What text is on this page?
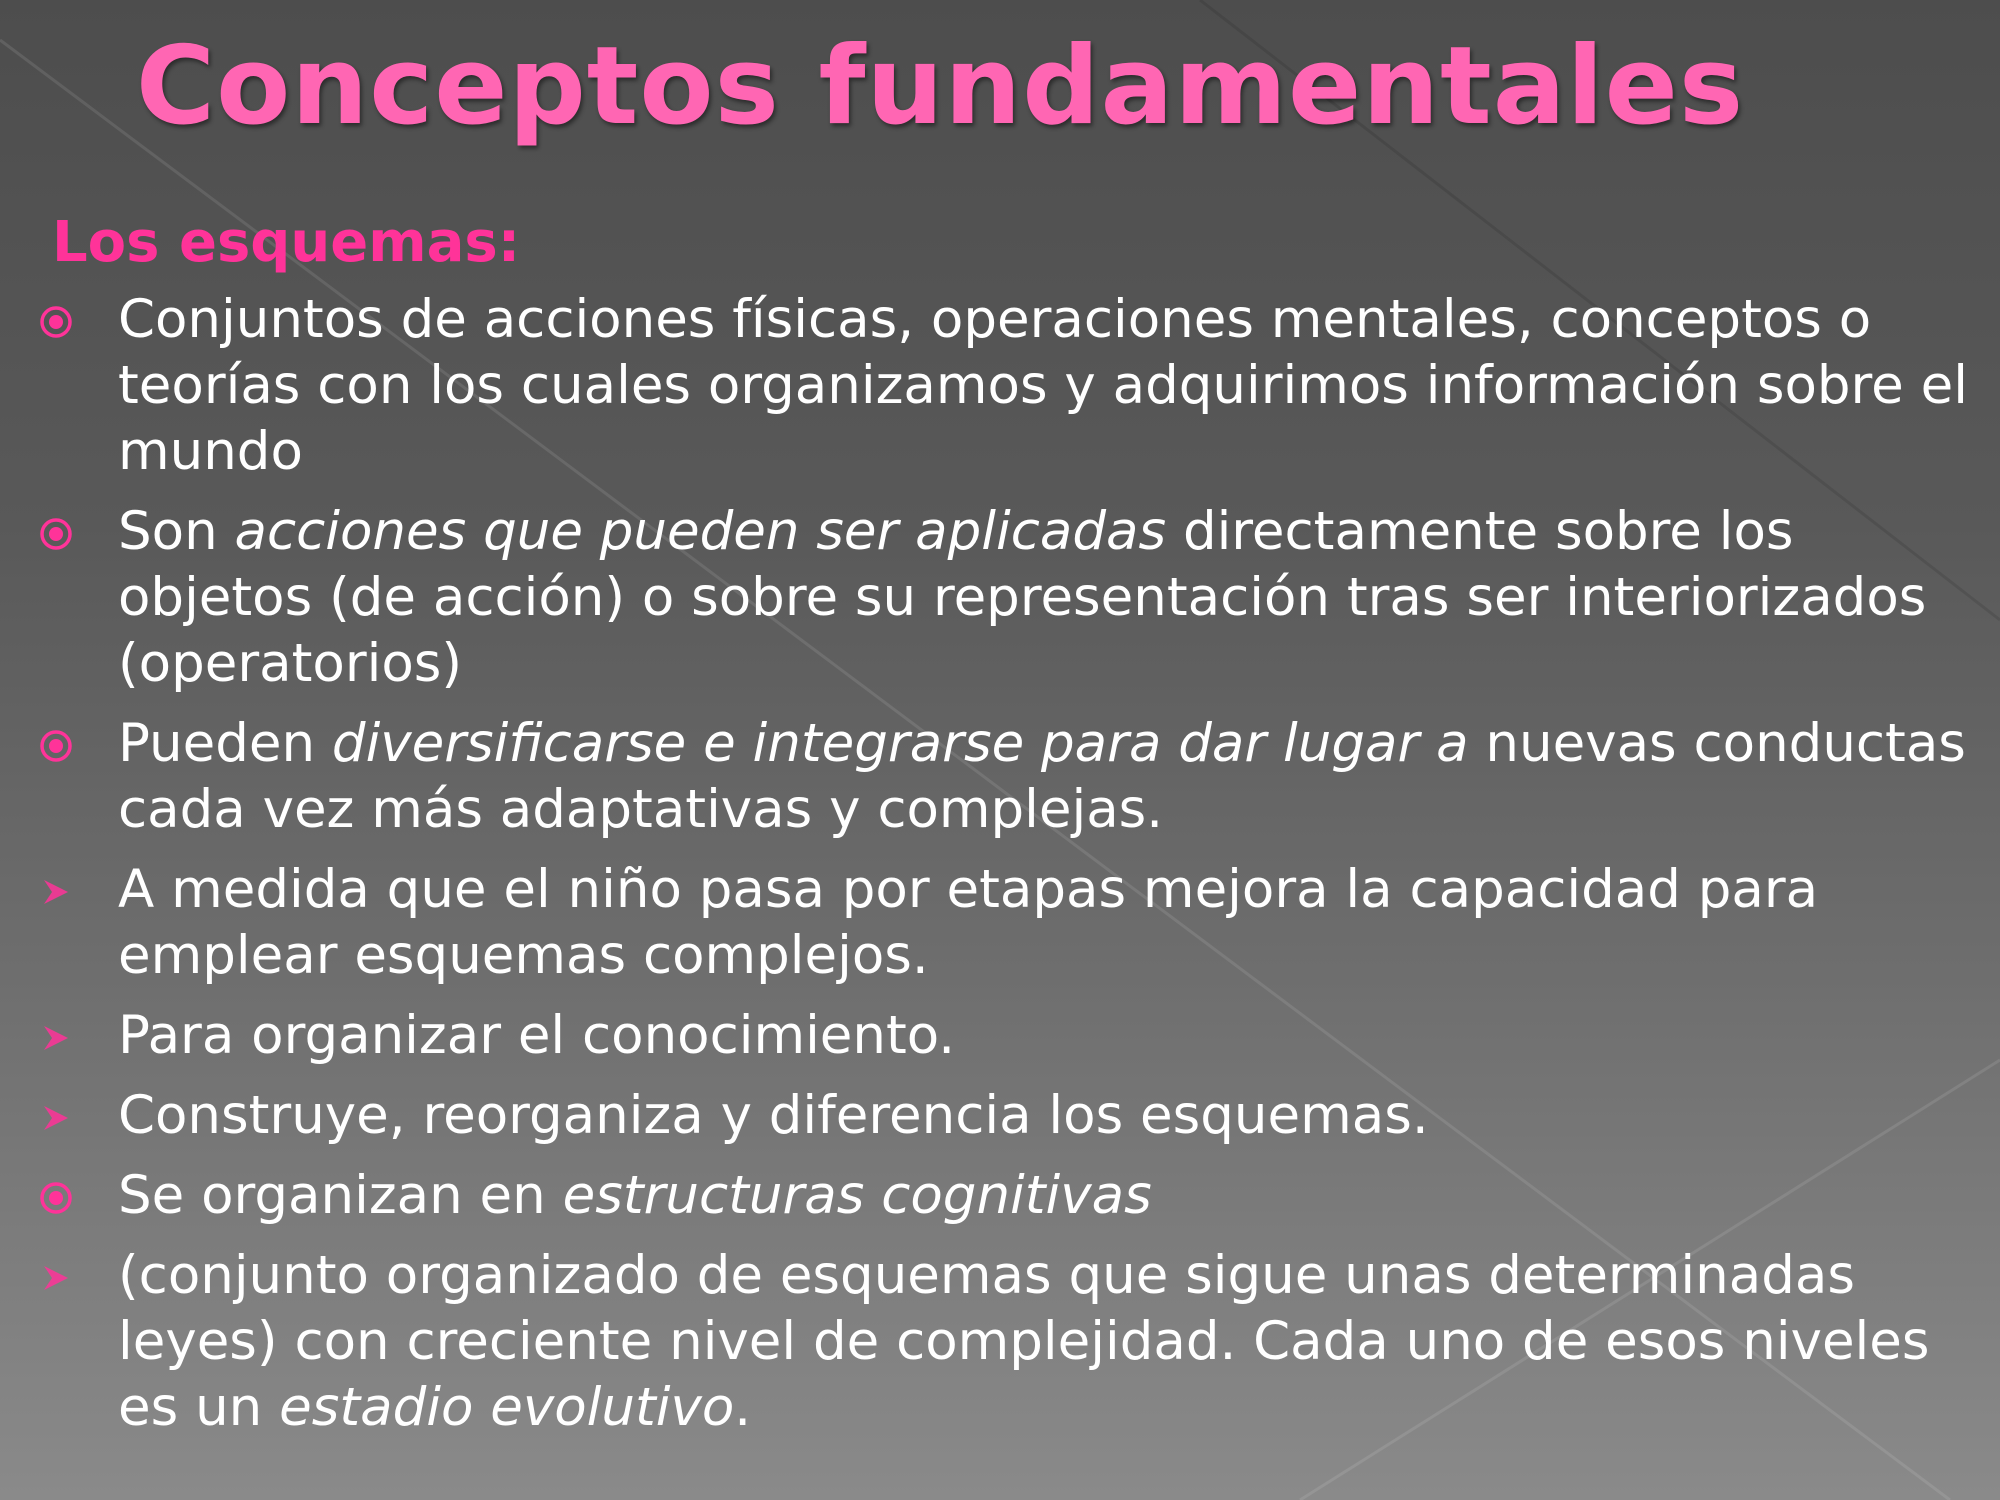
Conceptos fundamentales
Los esquemas:
Conjuntos de acciones físicas, operaciones mentales, conceptos o teorías con los cuales organizamos y adquirimos información sobre el mundo
Son acciones que pueden ser aplicadas directamente sobre los objetos (de acción) o sobre su representación tras ser interiorizados (operatorios)
Pueden diversificarse e integrarse para dar lugar a nuevas conductas cada vez más adaptativas y complejas.
A medida que el niño pasa por etapas mejora la capacidad para emplear esquemas complejos.
Para organizar el conocimiento.
Construye, reorganiza y diferencia los esquemas.
Se organizan en estructuras cognitivas
(conjunto organizado de esquemas que sigue unas determinadas leyes) con creciente nivel de complejidad. Cada uno de esos niveles es un estadio evolutivo.
